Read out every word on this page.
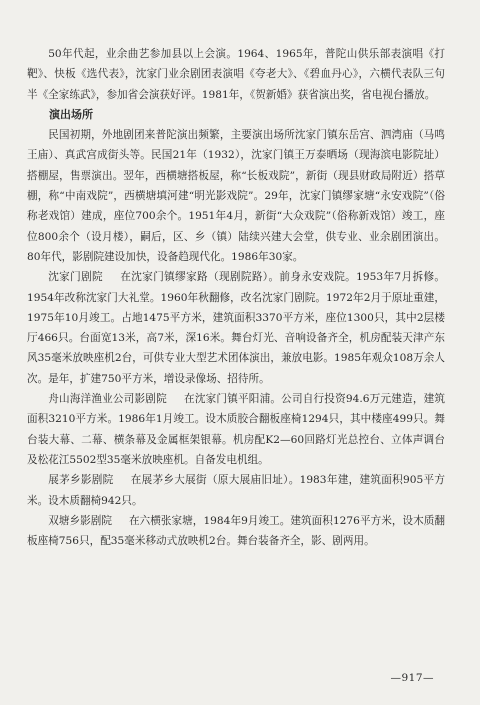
50年代起，业余曲艺参加县以上会演。1964、1965年，普陀山供乐部表演唱《打靶》、快板《选代表》，沈家门业余剧团表演唱《夸老大》、《碧血丹心》，六横代表队三句半《全家练武》，参加省会演获好评。1981年，《贺新婚》获省演出奖，省电视台播放。

演出场所

民国初期，外地剧团来普陀演出频繁，主要演出场所沈家门镇东岳宫、泗湾庙（马鸣王庙）、真武宫成街头等。民国21年（1932），沈家门镇王万泰晒场（现海滨电影院址）搭棚屋，售票演出。翌年，西横塘搭板屋，称“长板戏院”，新街（现县财政局附近）搭草棚，称“中南戏院”，西横塘填河建“明光影戏院”。29年，沈家门镇缪家塘“永安戏院”（俗称老戏馆）建成，座位700余个。1951年4月，新街“大众戏院”（俗称新戏馆）竣工，座位800余个（设月楼），嗣后，区、乡（镇）陆续兴建大会堂，供专业、业余剧团演出。80年代，影剧院建设加快，设备趋现代化。1986年30家。

沈家门剧院 在沈家门镇缪家路（现剧院路）。前身永安戏院。1953年7月拆修。1954年改称沈家门大礼堂。1960年秋翻修，改名沈家门剧院。1972年2月于原址重建，1975年10月竣工。占地1475平方米，建筑面积3370平方米，座位1300只，其中2层楼厅466只。台面宽13米，高7米，深16米。舞台灯光、音响设备齐全，机房配装天津产东风35毫米放映座机2台，可供专业大型艺术团体演出，兼放电影。1985年观众108万余人次。是年，扩建750平方米，增设录像场、招待所。

舟山海洋渔业公司影剧院 在沈家门镇平阳浦。公司自行投资94.6万元建造，建筑面积3210平方米。1986年1月竣工。设木质胶合翻板座椅1294只，其中楼座499只。舞台装大幕、二幕、横条幕及金属框架银幕。机房配K2—60回路灯光总控台、立体声调台及松花江5502型35毫米放映座机。自备发电机组。

展茅乡影剧院 在展茅乡大展街（原大展庙旧址）。1983年建，建筑面积905平方米。设木质翻椅942只。

双塘乡影剧院 在六横张家塘，1984年9月竣工。建筑面积1276平方米，设木质翻板座椅756只，配35毫米移动式放映机2台。舞台装备齐全，影、剧两用。

—917—
